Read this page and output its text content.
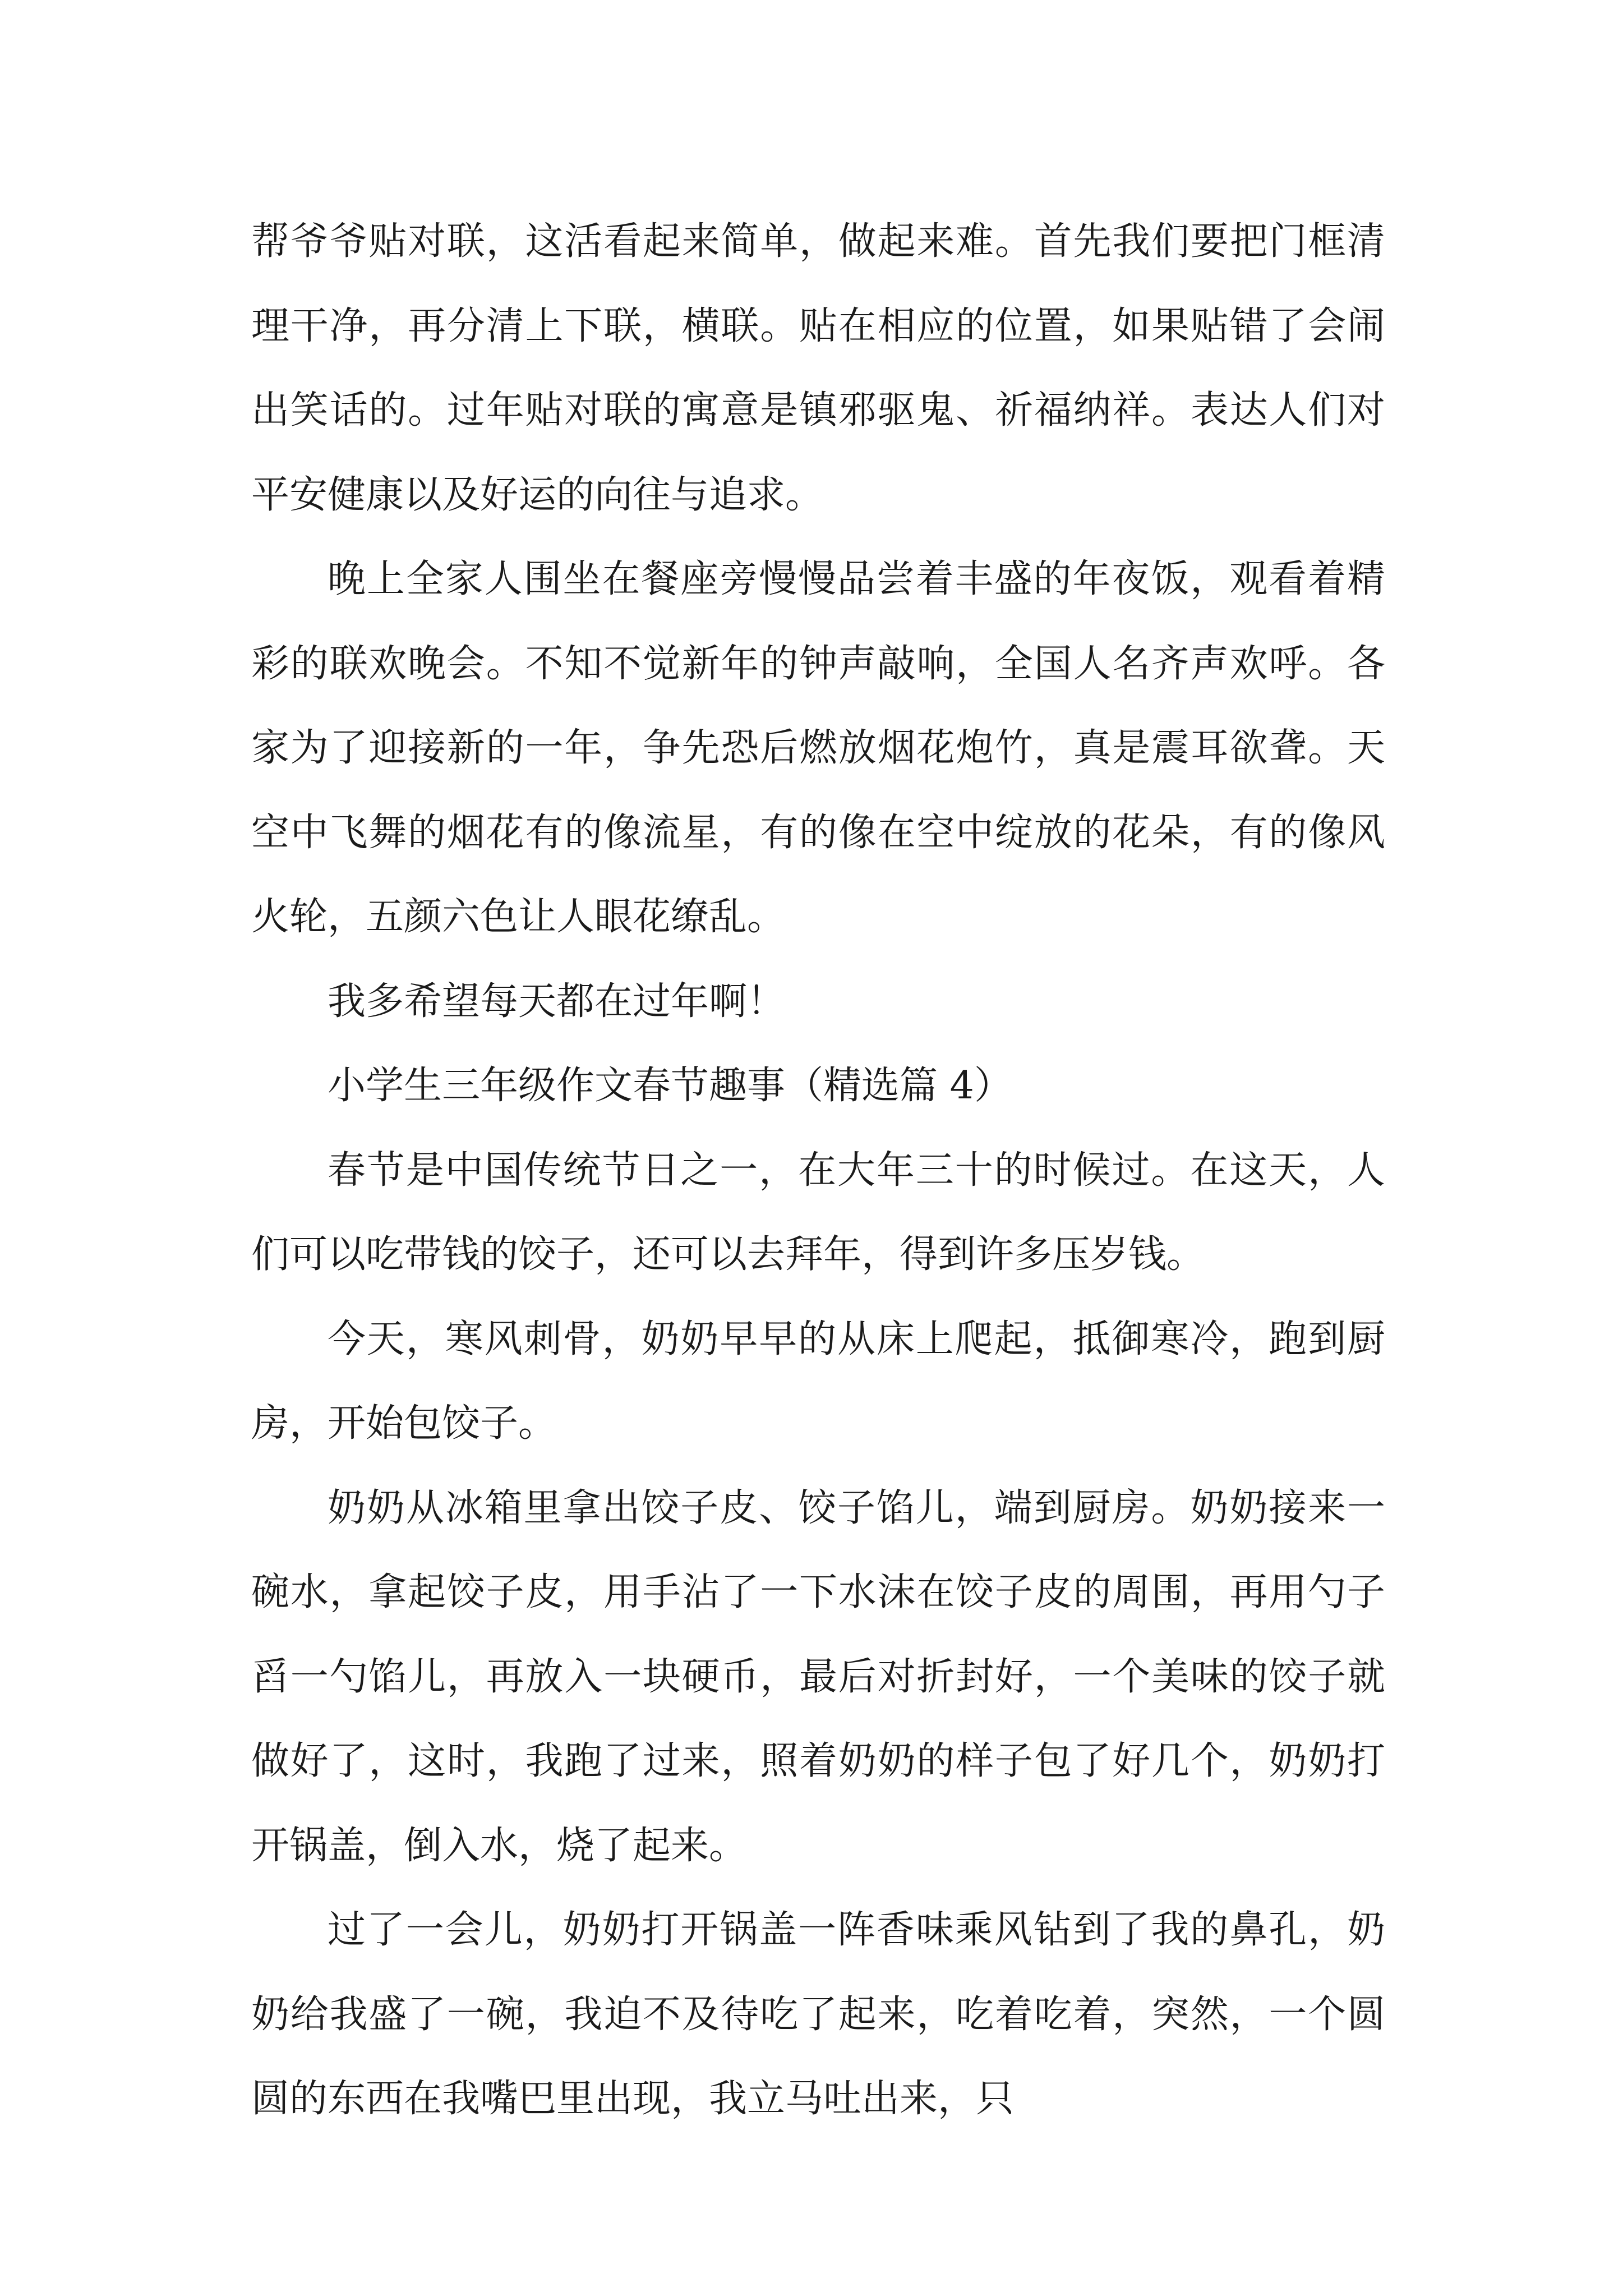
帮爷爷贴对联，这活看起来简单，做起来难。首先我们要把门框清理干净，再分清上下联，横联。贴在相应的位置，如果贴错了会闹出笑话的。过年贴对联的寓意是镇邪驱鬼、祈福纳祥。表达人们对平安健康以及好运的向往与追求。

晚上全家人围坐在餐座旁慢慢品尝着丰盛的年夜饭，观看着精彩的联欢晚会。不知不觉新年的钟声敲响，全国人名齐声欢呼。各家为了迎接新的一年，争先恐后燃放烟花炮竹，真是震耳欲聋。天空中飞舞的烟花有的像流星，有的像在空中绽放的花朵，有的像风火轮，五颜六色让人眼花缭乱。

我多希望每天都在过年啊！

小学生三年级作文春节趣事（精选篇 4）

春节是中国传统节日之一，在大年三十的时候过。在这天，人们可以吃带钱的饺子，还可以去拜年，得到许多压岁钱。

今天，寒风刺骨，奶奶早早的从床上爬起，抵御寒冷，跑到厨房，开始包饺子。

奶奶从冰箱里拿出饺子皮、饺子馅儿，端到厨房。奶奶接来一碗水，拿起饺子皮，用手沾了一下水沫在饺子皮的周围，再用勺子舀一勺馅儿，再放入一块硬币，最后对折封好，一个美味的饺子就做好了，这时，我跑了过来，照着奶奶的样子包了好几个，奶奶打开锅盖，倒入水，烧了起来。

过了一会儿，奶奶打开锅盖一阵香味乘风钻到了我的鼻孔，奶奶给我盛了一碗，我迫不及待吃了起来，吃着吃着，突然，一个圆圆的东西在我嘴巴里出现，我立马吐出来，只
